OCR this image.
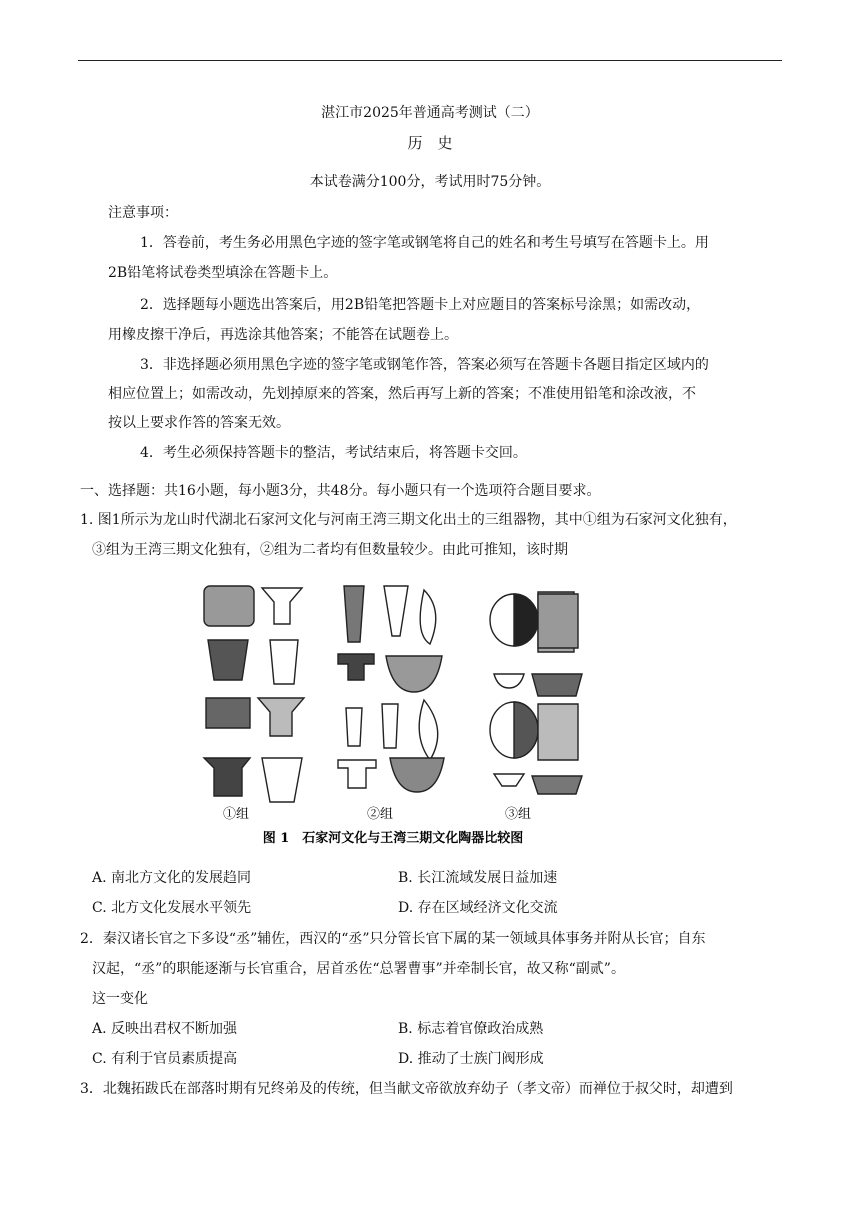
湛江市2025年普通高考测试（二）
历　史
本试卷满分100分，考试用时75分钟。
注意事项：
1．答卷前，考生务必用黑色字迹的签字笔或钢笔将自己的姓名和考生号填写在答题卡上。用
2B铅笔将试卷类型填涂在答题卡上。
2．选择题每小题选出答案后，用2B铅笔把答题卡上对应题目的答案标号涂黑；如需改动，
用橡皮擦干净后，再选涂其他答案；不能答在试题卷上。
3．非选择题必须用黑色字迹的签字笔或钢笔作答，答案必须写在答题卡各题目指定区域内的
相应位置上；如需改动，先划掉原来的答案，然后再写上新的答案；不准使用铅笔和涂改液，不
按以上要求作答的答案无效。
4．考生必须保持答题卡的整洁，考试结束后，将答题卡交回。
一、选择题：共16小题，每小题3分，共48分。每小题只有一个选项符合题目要求。
1. 图1所示为龙山时代湖北石家河文化与河南王湾三期文化出土的三组器物，其中①组为石家河文化独有，
③组为王湾三期文化独有，②组为二者均有但数量较少。由此可推知，该时期
①组	②组	③组
图 1　石家河文化与王湾三期文化陶器比较图
A. 南北方文化的发展趋同	B. 长江流域发展日益加速
C. 北方文化发展水平领先	D. 存在区域经济文化交流
2．秦汉诸长官之下多设“丞”辅佐，西汉的“丞”只分管长官下属的某一领域具体事务并附从长官；自东
汉起，“丞”的职能逐渐与长官重合，居首丞佐“总署曹事”并牵制长官，故又称“副贰”。
这一变化
A. 反映出君权不断加强	B. 标志着官僚政治成熟
C. 有利于官员素质提高	D. 推动了士族门阀形成
3．北魏拓跋氏在部落时期有兄终弟及的传统，但当献文帝欲放弃幼子（孝文帝）而禅位于叔父时，却遭到
